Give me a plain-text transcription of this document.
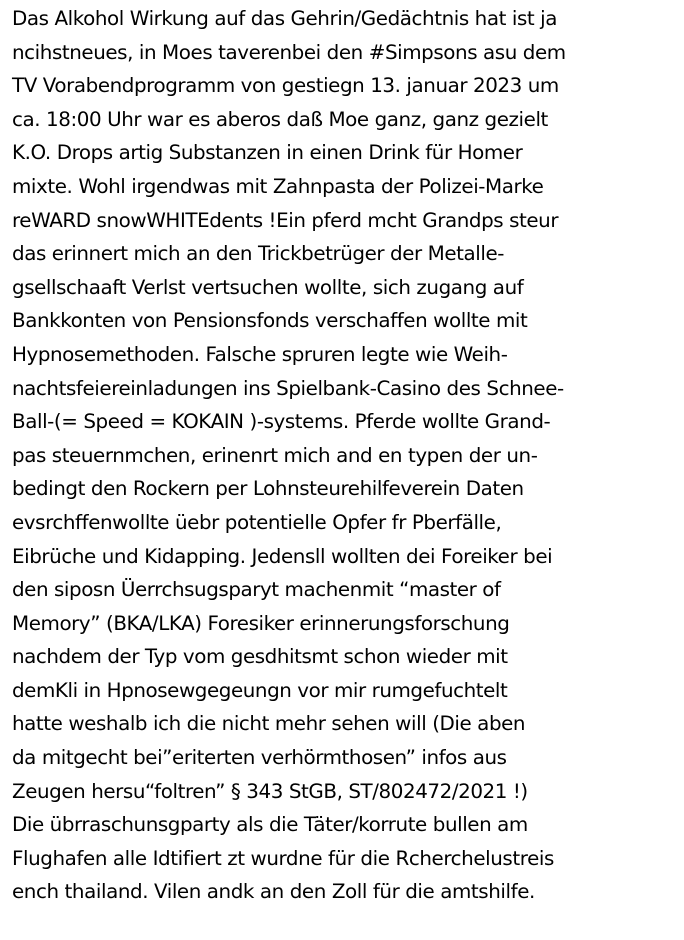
Das Alkohol Wirkung auf das Gehrin/Gedächtnis hat ist ja
ncihstneues, in Moes taverenbei den #Simpsons asu dem
TV Vorabendprogramm von gestiegn 13. januar 2023 um
ca. 18:00 Uhr war es aberos daß Moe ganz, ganz gezielt
K.O. Drops artig Substanzen in einen Drink für Homer
mixte. Wohl irgendwas mit Zahnpasta der Polizei-Marke
reWARD snowWHITEdents !Ein pferd mcht Grandps steur
das erinnert mich an den Trickbetrüger der Metalle-
gsellschaaft Verlst vertsuchen wollte, sich zugang auf
Bankkonten von Pensionsfonds verschaffen wollte mit
Hypnosemethoden. Falsche spruren legte wie Weih-
nachtsfeiereinladungen ins Spielbank-Casino des Schnee-
Ball-(= Speed = KOKAIN )-systems. Pferde wollte Grand-
pas steuernmchen, erinenrt mich and en typen der un-
bedingt den Rockern per Lohnsteurehilfeverein Daten
evsrchffenwollte üebr potentielle Opfer fr Pberfälle,
Eibrüche und Kidapping. Jedensll wollten dei Foreiker bei
den siposn Üerrchsugsparyt machenmit “master of
Memory” (BKA/LKA) Foresiker erinnerungsforschung
nachdem der Typ vom gesdhitsmt schon wieder mit
demKli in Hpnosewgegeungn vor mir rumgefuchtelt
hatte weshalb ich die nicht mehr sehen will (Die aben
da mitgecht bei”eriterten verhörmthosen” infos aus
Zeugen hersu“foltren” § 343 StGB, ST/802472/2021 !)
Die übrraschunsgparty als die Täter/korrute bullen am
Flughafen alle Idtifiert zt wurdne für die Rcherchelustreis
ench thailand. Vilen andk an den Zoll für die amtshilfe.
